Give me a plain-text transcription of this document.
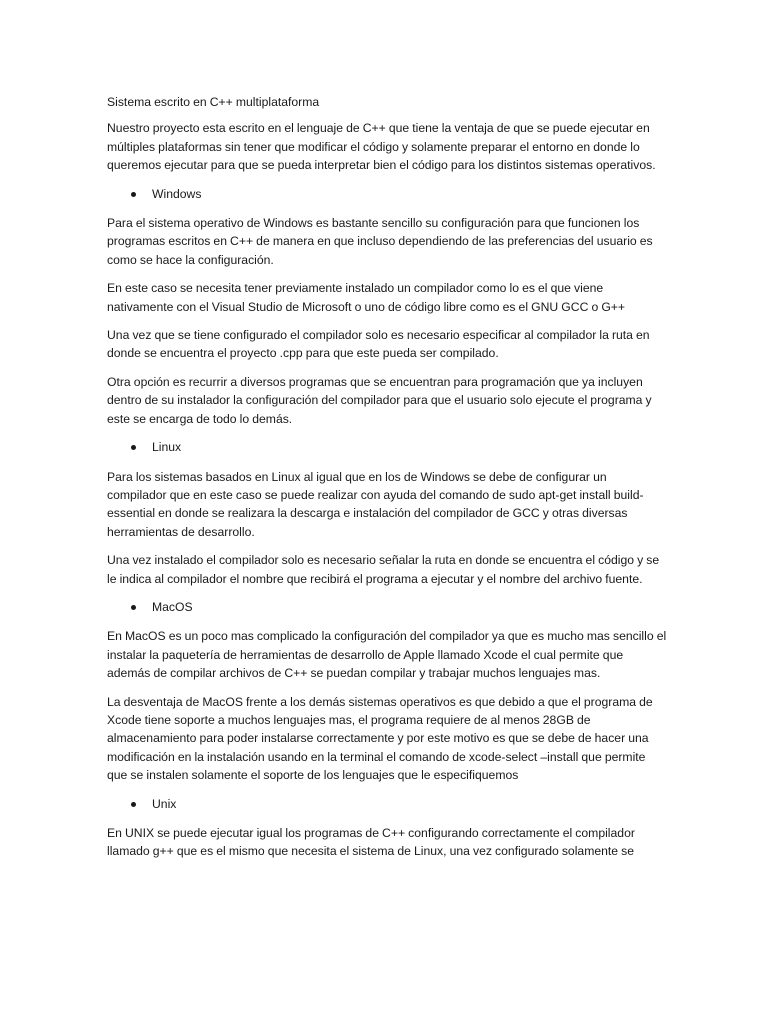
Sistema escrito en C++ multiplataforma

Nuestro proyecto esta escrito en el lenguaje de C++ que tiene la ventaja de que se puede ejecutar en múltiples plataformas sin tener que modificar el código y solamente preparar el entorno en donde lo queremos ejecutar para que se pueda interpretar bien el código para los distintos sistemas operativos.

Windows

Para el sistema operativo de Windows es bastante sencillo su configuración para que funcionen los programas escritos en C++ de manera en que incluso dependiendo de las preferencias del usuario es como se hace la configuración.

En este caso se necesita tener previamente instalado un compilador como lo es el que viene nativamente con el Visual Studio de Microsoft o uno de código libre como es el GNU GCC o G++

Una vez que se tiene configurado el compilador solo es necesario especificar al compilador la ruta en donde se encuentra el proyecto .cpp para que este pueda ser compilado.

Otra opción es recurrir a diversos programas que se encuentran para programación que ya incluyen dentro de su instalador la configuración del compilador para que el usuario solo ejecute el programa y este se encarga de todo lo demás.

Linux

Para los sistemas basados en Linux al igual que en los de Windows se debe de configurar un compilador que en este caso se puede realizar con ayuda del comando de sudo apt-get install build-essential en donde se realizara la descarga e instalación del compilador de GCC y otras diversas herramientas de desarrollo.

Una vez instalado el compilador solo es necesario señalar la ruta en donde se encuentra el código y se le indica al compilador el nombre que recibirá el programa a ejecutar y el nombre del archivo fuente.

MacOS

En MacOS es un poco mas complicado la configuración del compilador ya que es mucho mas sencillo el instalar la paquetería de herramientas de desarrollo de Apple llamado Xcode el cual permite que además de compilar archivos de C++ se puedan compilar y trabajar muchos lenguajes mas.

La desventaja de MacOS frente a los demás sistemas operativos es que debido a que el programa de Xcode tiene soporte a muchos lenguajes mas, el programa requiere de al menos 28GB de almacenamiento para poder instalarse correctamente y por este motivo es que se debe de hacer una modificación en la instalación usando en la terminal el comando de xcode-select –install que permite que se instalen solamente el soporte de los lenguajes que le especifiquemos

Unix

En UNIX se puede ejecutar igual los programas de C++ configurando correctamente el compilador llamado g++ que es el mismo que necesita el sistema de Linux, una vez configurado solamente se
